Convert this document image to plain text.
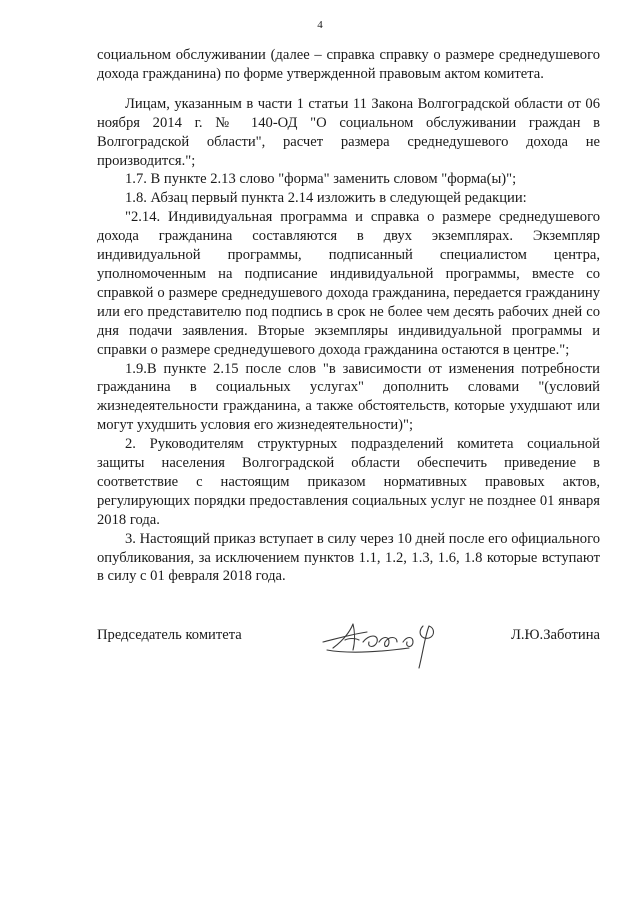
4

социальном обслуживании (далее – справка справку о размере среднедушевого дохода гражданина) по форме утвержденной правовым актом комитета.

Лицам, указанным в части 1 статьи 11 Закона Волгоградской области от 06 ноября 2014 г. № 140-ОД "О социальном обслуживании граждан в Волгоградской области", расчет размера среднедушевого дохода не производится.";

1.7. В пункте 2.13 слово "форма" заменить словом "форма(ы)";

1.8. Абзац первый пункта 2.14 изложить в следующей редакции:

"2.14. Индивидуальная программа и справка о размере среднедушевого дохода гражданина составляются в двух экземплярах. Экземпляр индивидуальной программы, подписанный специалистом центра, уполномоченным на подписание индивидуальной программы, вместе со справкой о размере среднедушевого дохода гражданина, передается гражданину или его представителю под подпись в срок не более чем десять рабочих дней со дня подачи заявления. Вторые экземпляры индивидуальной программы и справки о размере среднедушевого дохода гражданина остаются в центре.";

1.9.В пункте 2.15 после слов "в зависимости от изменения потребности гражданина в социальных услугах" дополнить словами "(условий жизнедеятельности гражданина, а также обстоятельств, которые ухудшают или могут ухудшить условия его жизнедеятельности)";

2. Руководителям структурных подразделений комитета социальной защиты населения Волгоградской области обеспечить приведение в соответствие с настоящим приказом нормативных правовых актов, регулирующих порядки предоставления социальных услуг не позднее 01 января 2018 года.

3. Настоящий приказ вступает в силу через 10 дней после его официального опубликования, за исключением пунктов 1.1, 1.2, 1.3, 1.6, 1.8 которые вступают в силу с 01 февраля 2018 года.

Председатель комитета	Л.Ю.Заботина
